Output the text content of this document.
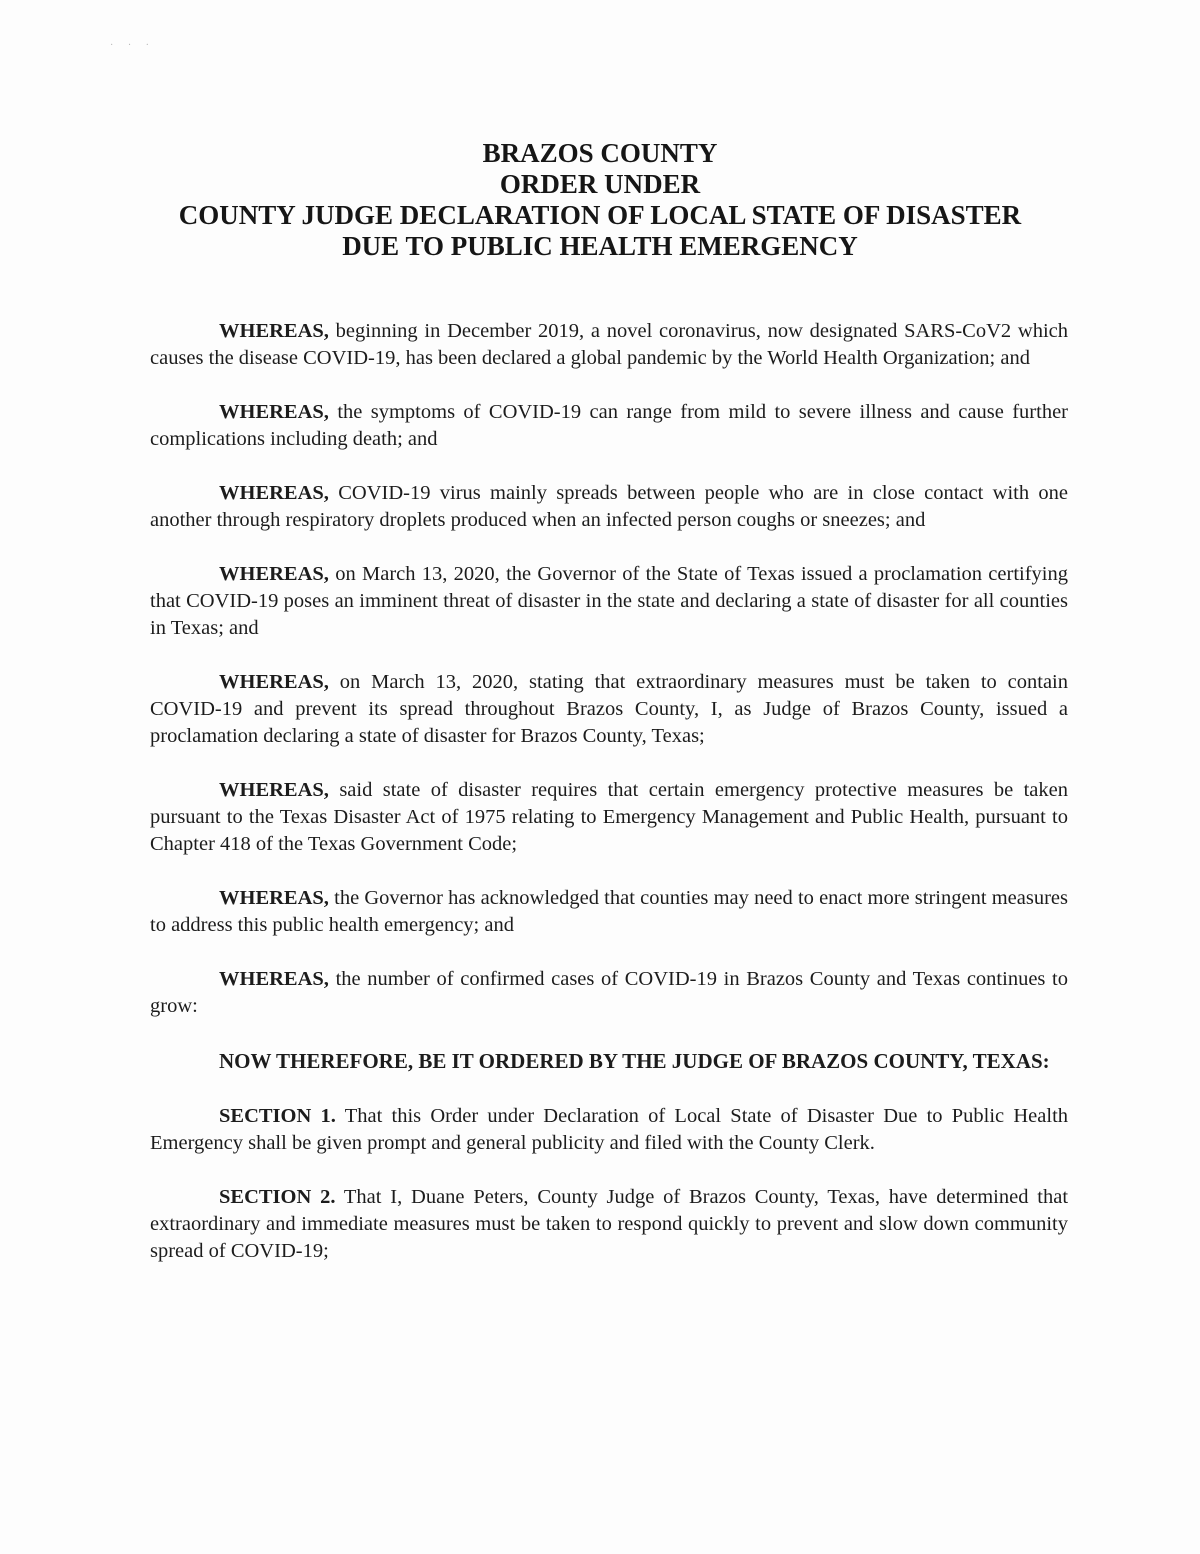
· · ·
BRAZOS COUNTY
ORDER UNDER
COUNTY JUDGE DECLARATION OF LOCAL STATE OF DISASTER
DUE TO PUBLIC HEALTH EMERGENCY

WHEREAS, beginning in December 2019, a novel coronavirus, now designated SARS-CoV2 which causes the disease COVID-19, has been declared a global pandemic by the World Health Organization; and

WHEREAS, the symptoms of COVID-19 can range from mild to severe illness and cause further complications including death; and

WHEREAS, COVID-19 virus mainly spreads between people who are in close contact with one another through respiratory droplets produced when an infected person coughs or sneezes; and

WHEREAS, on March 13, 2020, the Governor of the State of Texas issued a proclamation certifying that COVID-19 poses an imminent threat of disaster in the state and declaring a state of disaster for all counties in Texas; and

WHEREAS, on March 13, 2020, stating that extraordinary measures must be taken to contain COVID-19 and prevent its spread throughout Brazos County, I, as Judge of Brazos County, issued a proclamation declaring a state of disaster for Brazos County, Texas;

WHEREAS, said state of disaster requires that certain emergency protective measures be taken pursuant to the Texas Disaster Act of 1975 relating to Emergency Management and Public Health, pursuant to Chapter 418 of the Texas Government Code;

WHEREAS, the Governor has acknowledged that counties may need to enact more stringent measures to address this public health emergency; and

WHEREAS, the number of confirmed cases of COVID-19 in Brazos County and Texas continues to grow:

NOW THEREFORE, BE IT ORDERED BY THE JUDGE OF BRAZOS COUNTY, TEXAS:

SECTION 1. That this Order under Declaration of Local State of Disaster Due to Public Health Emergency shall be given prompt and general publicity and filed with the County Clerk.

SECTION 2. That I, Duane Peters, County Judge of Brazos County, Texas, have determined that extraordinary and immediate measures must be taken to respond quickly to prevent and slow down community spread of COVID-19;
